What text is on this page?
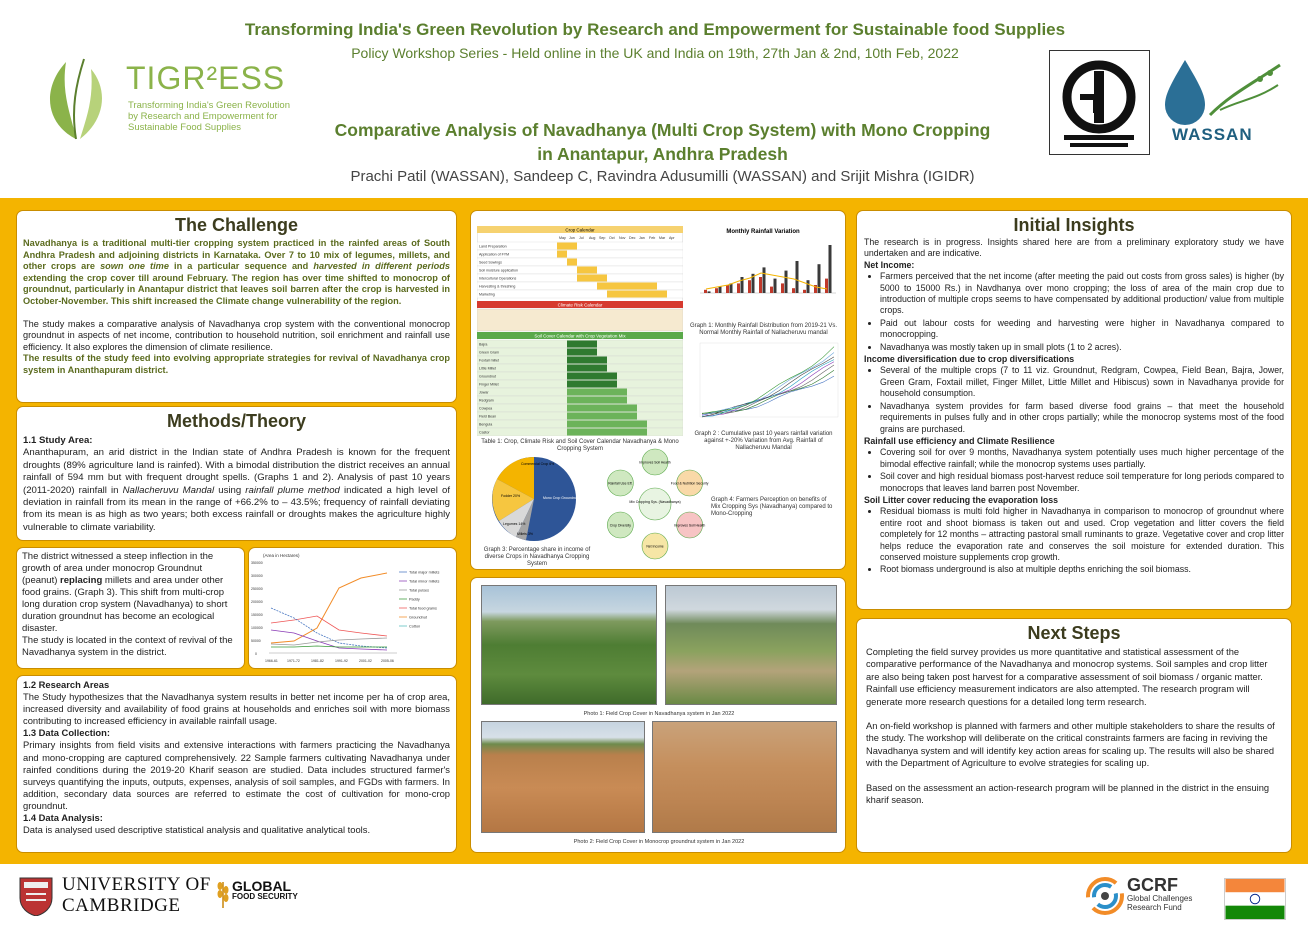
Transforming India's Green Revolution by Research and Empowerment for Sustainable food Supplies
Policy Workshop Series - Held online in the UK and India on 19th, 27th Jan & 2nd, 10th Feb, 2022
TIGR²ESS
Transforming India's Green Revolution by Research and Empowerment for Sustainable Food Supplies	Comparative Analysis of Navadhanya (Multi Crop System) with Mono Cropping
in Anantapur, Andhra Pradesh
Prachi Patil (WASSAN), Sandeep C, Ravindra Adusumilli (WASSAN) and Srijit Mishra (IGIDR)
WASSAN
The Challenge

Navadhanya is a traditional multi-tier cropping system practiced in the rainfed areas of South Andhra Pradesh and adjoining districts in Karnataka. Over 7 to 10 mix of legumes, millets, and other crops are sown one time in a particular sequence and harvested in different periods extending the crop cover till around February. The region has over time shifted to monocrop of groundnut, particularly in Anantapur district that leaves soil barren after the crop is harvested in October-November. This shift increased the Climate change vulnerability of the region.

The study makes a comparative analysis of Navadhanya crop system with the conventional monocrop groundnut in aspects of net income, contribution to household nutrition, soil enrichment and rainfall use efficiency. It also explores the dimension of climate resilience.

The results of the study feed into evolving appropriate strategies for revival of Navadhanya crop system in Ananthapuram district.

Methods/Theory

1.1 Study Area:

Ananthapuram, an arid district in the Indian state of Andhra Pradesh is known for the frequent droughts (89% agriculture land is rainfed). With a bimodal distribution the district receives an annual rainfall of 594 mm but with frequent drought spells. (Graphs 1 and 2). Analysis of past 10 years (2011-2020) rainfall in Nallacheruvu Mandal using rainfall plume method indicated a high level of deviation in rainfall from its mean in the range of +66.2% to – 43.5%; frequency of rainfall deviating from its mean is as high as two years; both excess rainfall or droughts makes the agriculture highly vulnerable to climate variability.

The district witnessed a steep inflection in the growth of area under monocrop Groundnut (peanut) replacing millets and area under other food grains. (Graph 3). This shift from multi-crop long duration crop system (Navadhanya) to short duration groundnut has become an ecological disaster.

The study is located in the context of revival of the Navadhanya system in the district.

(Area in Hectares)
350000
300000
250000
200000
150000
100000
50000
0
1966-61	1971-72	1981-82	1991-92	2001-02	2005-06
Total major millets
Total minor millets
Total pulses
Paddy
Total food grains
Groundnut
Cotton

1.2 Research Areas

The Study hypothesizes that the Navadhanya system results in better net income per ha of crop area, increased diversity and availability of food grains at households and enriches soil with more biomass contributing to increased efficiency in available rainfall usage.

1.3 Data Collection:

Primary insights from field visits and extensive interactions with farmers practicing the Navadhanya and mono-cropping are captured comprehensively. 22 Sample farmers cultivating Navadhanya under rainfed conditions during the 2019-20 Kharif season are studied. Data includes structured farmer's surveys quantifying the inputs, outputs, expenses, analysis of soil samples, and FGDs with farmers. In addition, secondary data sources are referred to estimate the cost of cultivation for mono-crop groundnut.

1.4 Data Analysis:

Data is analysed used descriptive statistical analysis and qualitative analytical tools.

Crop Calendar
May Jun Jul Aug Sep Oct Nov Dec Jan Feb Mar Apr
Land Preparation
Application of FYM
Seed Sowings
Soil moisture application
Intercultural Operations
Harvesting & threshing
Marketing
Climate Risk Calendar
Soil Cover Calendar with Crop Vegetation Mix
Bajra
Green Gram
Foxtail millet
Little Millet
Groundnut
Finger Millet
Jowar
Redgram
Cowpea
Field Bean
Bengula
Castor
Table 1: Crop, Climate Risk and Soil Cover Calendar Navadhanya & Mono Cropping System
Monthly Rainfall Variation
Graph 1: Monthly Rainfall Distribution from 2019-21 Vs. Normal Monthly Rainfall of Nallacheruvu mandal
Graph 2 : Cumulative past 10 years rainfall variation against +-20% Variation from Avg. Rainfall of Nallacheruvu Mandal
Commercial Crop 6%
Fodder 20%
Legumes 14%
Millets 3%
Mono Crop Groundnut 55%
Graph 3: Percentage share in income of diverse Crops in Navadhanya Cropping System
Mix Cropping Sys. (Navadhanya)
Improves Soil Health
Food & Nutrition Security
Improves Soil Health
Net Income
Crop Diversity
Rainfall Use Eff.
Graph 4: Farmers Perception on benefits of Mix Cropping Sys (Navadhanya) compared to Mono-Cropping
Photo 1: Field Crop Cover in Navadhanya system in Jan 2022
Photo 2: Field Crop Cover in Monocrop groundnut system in Jan 2022
Initial Insights

The research is in progress. Insights shared here are from a preliminary exploratory study we have undertaken and are indicative.

Net Income:

• Farmers perceived that the net income (after meeting the paid out costs from gross sales) is higher (by 5000 to 15000 Rs.) in Navdhanya over mono cropping; the loss of area of the main crop due to introduction of multiple crops seems to have compensated by additional production/ value from multiple crops.
• Paid out labour costs for weeding and harvesting were higher in Navadhanya compared to monocropping.
• Navadhanya was mostly taken up in small plots (1 to 2 acres).

Income diversification due to crop diversifications

• Several of the multiple crops (7 to 11 viz. Groundnut, Redgram, Cowpea, Field Bean, Bajra, Jower, Green Gram, Foxtail millet, Finger Millet, Little Millet and Hibiscus) sown in Navadhanya provide for household consumption.
• Navadhanya system provides for farm based diverse food grains – that meet the household requirements in pulses fully and in other crops partially; while the monocrop systems most of the food grains are purchased.

Rainfall use efficiency and Climate Resilience

• Covering soil for over 9 months, Navadhanya system potentially uses much higher percentage of the bimodal effective rainfall; while the monocrop systems uses partially.
• Soil cover and high residual biomass post-harvest reduce soil temperature for long periods compared to monocrops that leaves land barren post November.

Soil Litter cover reducing the evaporation loss

• Residual biomass is multi fold higher in Navadhanya in comparison to monocrop of groundnut where entire root and shoot biomass is taken out and used. Crop vegetation and litter covers the field completely for 12 months – attracting pastoral small ruminants to graze. Vegetative cover and crop litter helps reduce the evaporation rate and conserves the soil moisture for extended duration. This conserved moisture supplements crop growth.
• Root biomass underground is also at multiple depths enriching the soil biomass.
Next Steps

Completing the field survey provides us more quantitative and statistical assessment of the comparative performance of the Navadhanya and monocrop systems. Soil samples and crop litter are also being taken post harvest for a comparative assessment of soil biomass / organic matter. Rainfall use efficiency measurement indicators are also attempted. The research program will generate more research questions for a detailed long term research.

An on-field workshop is planned with farmers and other multiple stakeholders to share the results of the study. The workshop will deliberate on the critical constraints farmers are facing in reviving the Navadhanya system and will identify key action areas for scaling up. The results will also be shared with the Department of Agriculture to evolve strategies for scaling up.

Based on the assessment an action-research program will be planned in the district in the ensuing kharif season.

UNIVERSITY OF
CAMBRIDGE
GLOBAL
FOOD SECURITY
GCRF
Global Challenges
Research Fund
